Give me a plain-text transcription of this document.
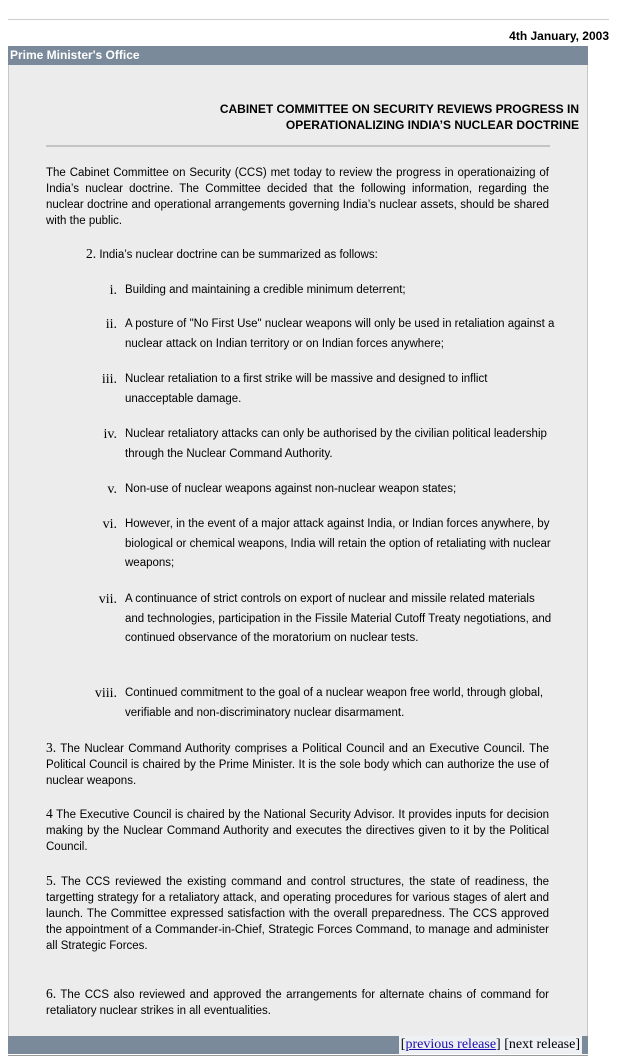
4th January, 2003
Prime Minister's Office
CABINET COMMITTEE ON SECURITY REVIEWS PROGRESS IN
OPERATIONALIZING INDIA’S NUCLEAR DOCTRINE

The Cabinet Committee on Security (CCS) met today to review the progress in operationaizing of India’s nuclear doctrine. The Committee decided that the following information, regarding the nuclear doctrine and operational arrangements governing India’s nuclear assets, should be shared with the public.

2. India’s nuclear doctrine can be summarized as follows:

i. Building and maintaining a credible minimum deterrent;
ii. A posture of "No First Use" nuclear weapons will only be used in retaliation against a nuclear attack on Indian territory or on Indian forces anywhere;
iii. Nuclear retaliation to a first strike will be massive and designed to inflict unacceptable damage.
iv. Nuclear retaliatory attacks can only be authorised by the civilian political leadership through the Nuclear Command Authority.
v. Non-use of nuclear weapons against non-nuclear weapon states;
vi. However, in the event of a major attack against India, or Indian forces anywhere, by biological or chemical weapons, India will retain the option of retaliating with nuclear weapons;
vii. A continuance of strict controls on export of nuclear and missile related materials and technologies, participation in the Fissile Material Cutoff Treaty negotiations, and continued observance of the moratorium on nuclear tests.
viii. Continued commitment to the goal of a nuclear weapon free world, through global, verifiable and non-discriminatory nuclear disarmament.

3. The Nuclear Command Authority comprises a Political Council and an Executive Council. The Political Council is chaired by the Prime Minister. It is the sole body which can authorize the use of nuclear weapons.

4 The Executive Council is chaired by the National Security Advisor. It provides inputs for decision making by the Nuclear Command Authority and executes the directives given to it by the Political Council.

5. The CCS reviewed the existing command and control structures, the state of readiness, the targetting strategy for a retaliatory attack, and operating procedures for various stages of alert and launch. The Committee expressed satisfaction with the overall preparedness. The CCS approved the appointment of a Commander-in-Chief, Strategic Forces Command, to manage and administer all Strategic Forces.

6. The CCS also reviewed and approved the arrangements for alternate chains of command for retaliatory nuclear strikes in all eventualities.

[previous release] [next release]
